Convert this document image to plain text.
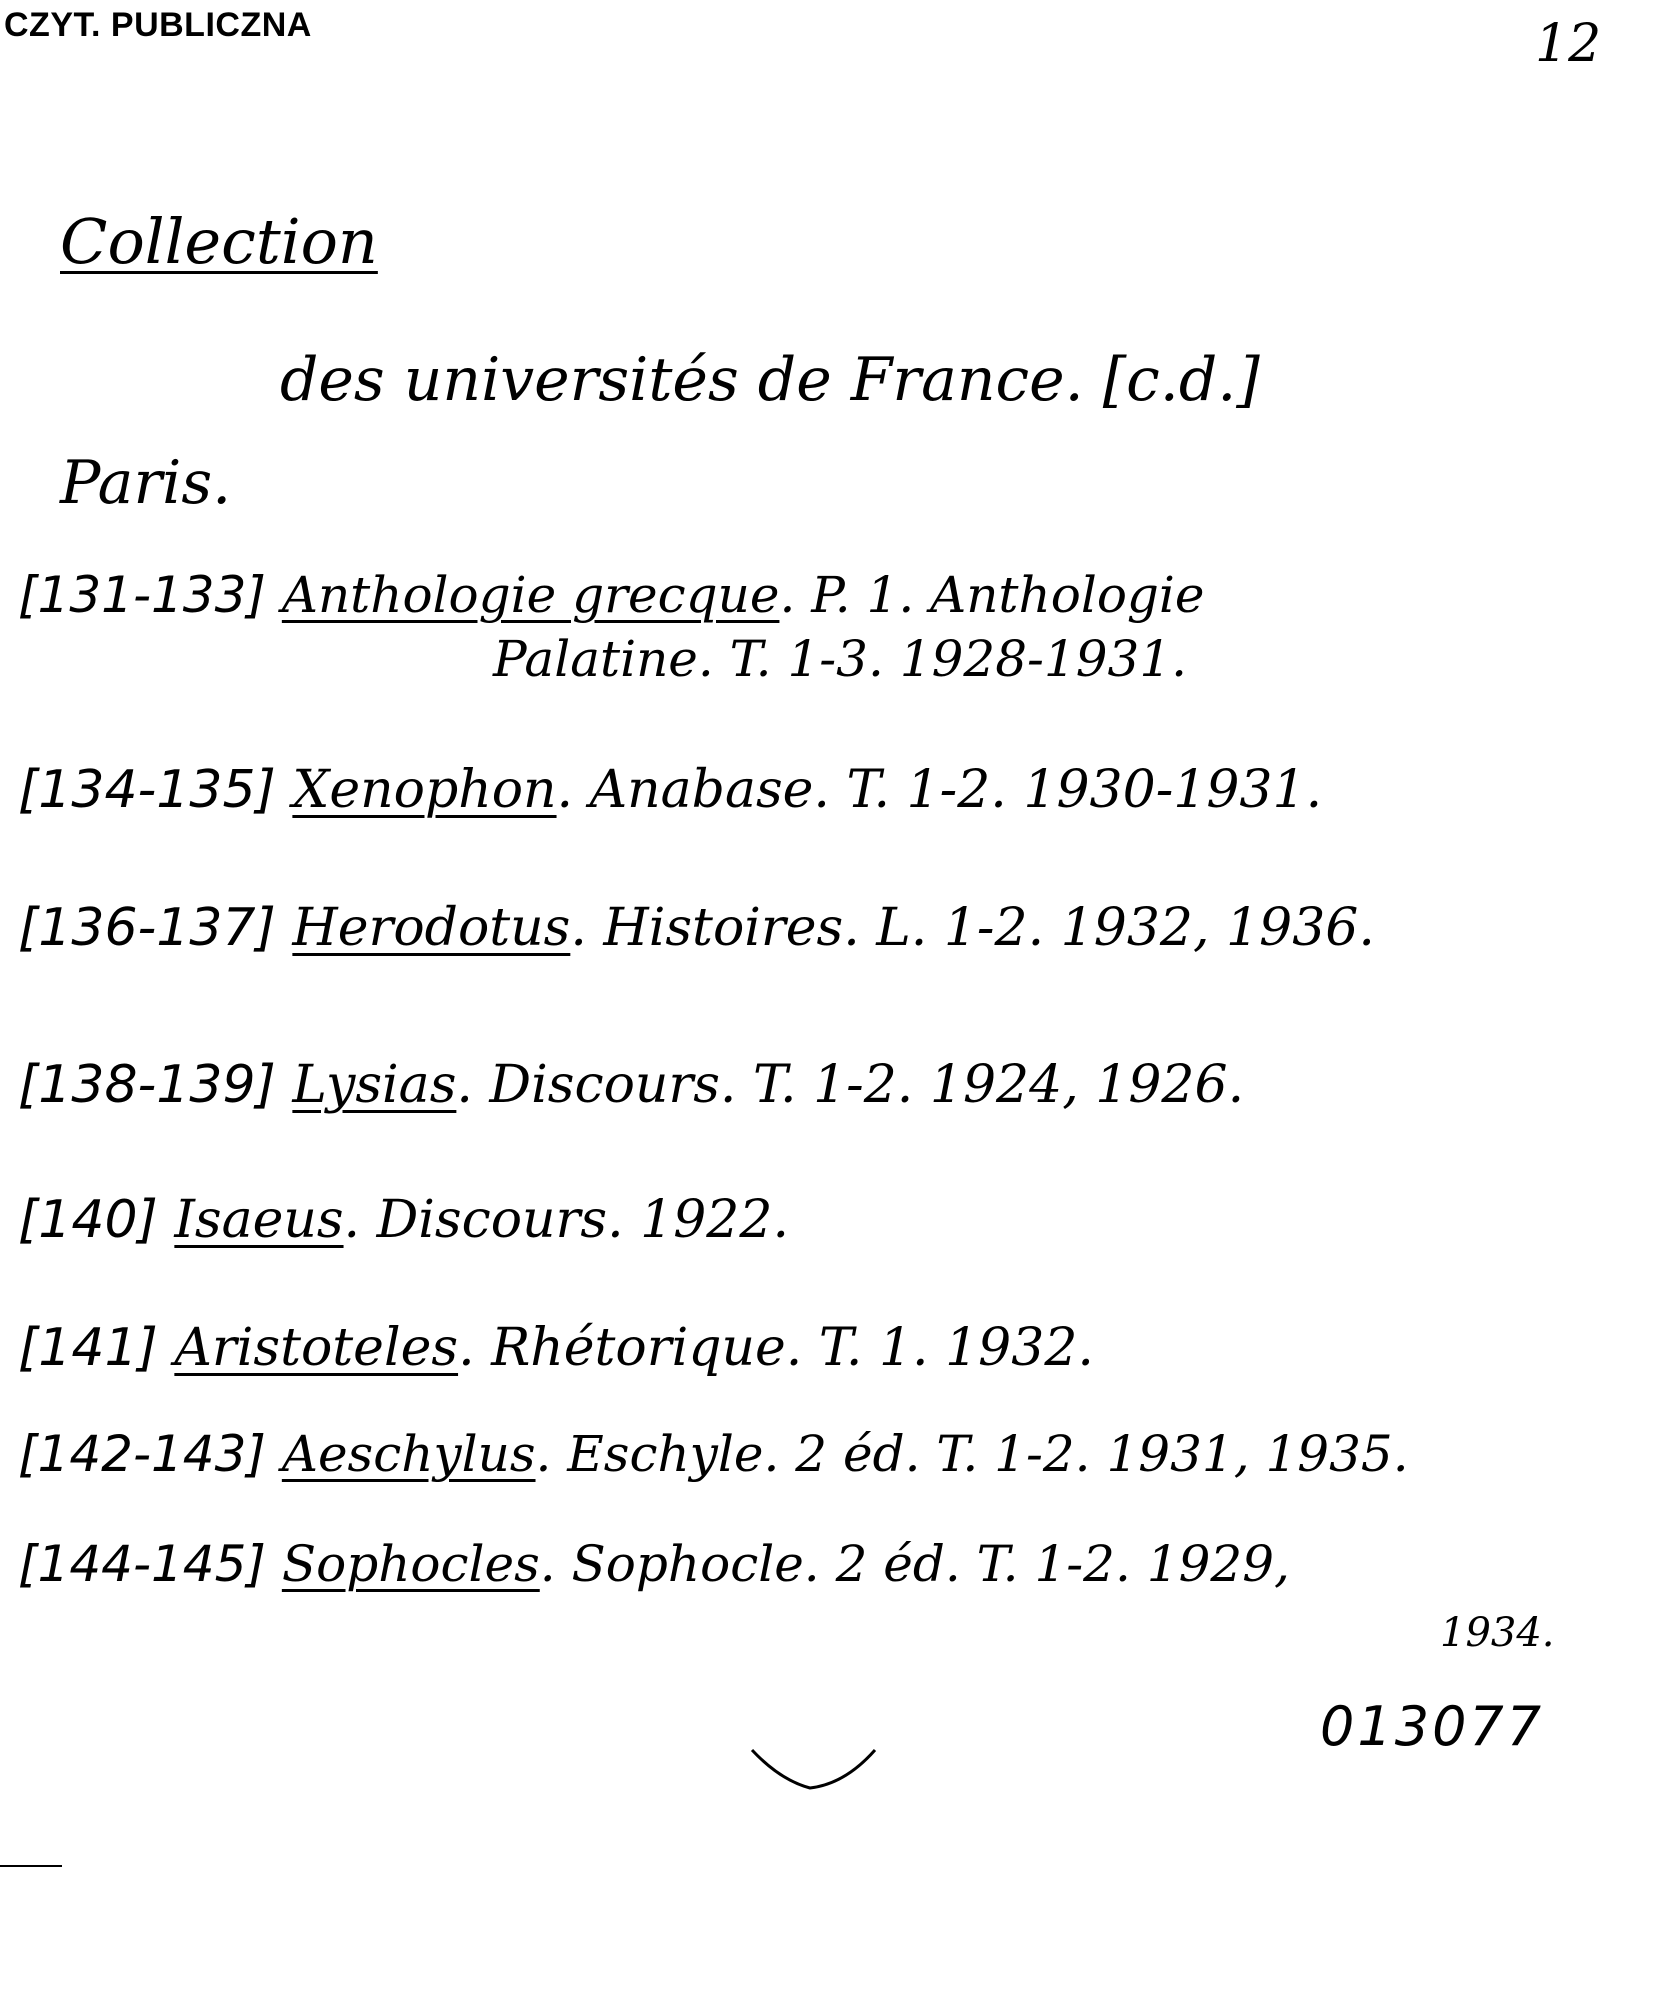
CZYT. PUBLICZNA	12
Collection
des universités de France. [c.d.]
Paris.
[131-133] Anthologie grecque. P. 1. Anthologie
Palatine. T. 1-3. 1928-1931.
[134-135] Xenophon. Anabase. T. 1-2. 1930-1931.
[136-137] Herodotus. Histoires. L. 1-2. 1932, 1936.
[138-139] Lysias. Discours. T. 1-2. 1924, 1926.
[140] Isaeus. Discours. 1922.
[141] Aristoteles. Rhétorique. T. 1. 1932.
[142-143] Aeschylus. Eschyle. 2 éd. T. 1-2. 1931, 1935.
[144-145] Sophocles. Sophocle. 2 éd. T. 1-2. 1929,
1934.
013077
